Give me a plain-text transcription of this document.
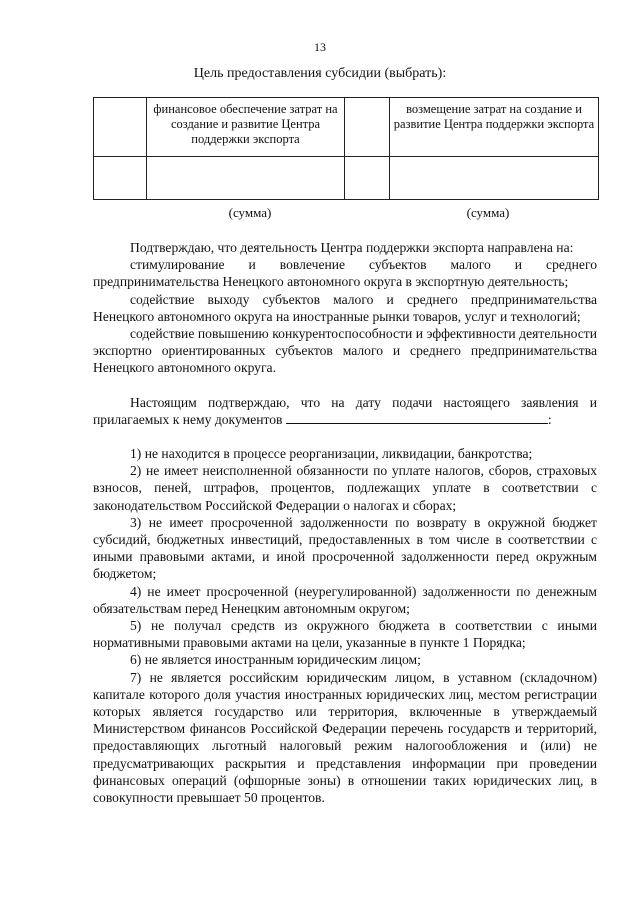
13
Цель предоставления субсидии (выбрать):

	финансовое обеспечение затрат на создание и развитие Центра поддержки экспорта		возмещение затрат на создание и развитие Центра поддержки экспорта

(сумма)	(сумма)

Подтверждаю, что деятельность Центра поддержки экспорта направлена на:

стимулирование и вовлечение субъектов малого и среднего предпринимательства Ненецкого автономного округа в экспортную деятельность;

содействие выходу субъектов малого и среднего предпринимательства Ненецкого автономного округа на иностранные рынки товаров, услуг и технологий;

содействие повышению конкурентоспособности и эффективности деятельности экспортно ориентированных субъектов малого и среднего предпринимательства Ненецкого автономного округа.

Настоящим подтверждаю, что на дату подачи настоящего заявления и прилагаемых к нему документов	:

1) не находится в процессе реорганизации, ликвидации, банкротства;

2) не имеет неисполненной обязанности по уплате налогов, сборов, страховых взносов, пеней, штрафов, процентов, подлежащих уплате в соответствии с законодательством Российской Федерации о налогах и сборах;

3) не имеет просроченной задолженности по возврату в окружной бюджет субсидий, бюджетных инвестиций, предоставленных в том числе в соответствии с иными правовыми актами, и иной просроченной задолженности перед окружным бюджетом;

4) не имеет просроченной (неурегулированной) задолженности по денежным обязательствам перед Ненецким автономным округом;

5) не получал средств из окружного бюджета в соответствии с иными нормативными правовыми актами на цели, указанные в пункте 1 Порядка;

6) не является иностранным юридическим лицом;

7) не является российским юридическим лицом, в уставном (складочном) капитале которого доля участия иностранных юридических лиц, местом регистрации которых является государство или территория, включенные в утверждаемый Министерством финансов Российской Федерации перечень государств и территорий, предоставляющих льготный налоговый режим налогообложения и (или) не предусматривающих раскрытия и представления информации при проведении финансовых операций (офшорные зоны) в отношении таких юридических лиц, в совокупности превышает 50 процентов.
